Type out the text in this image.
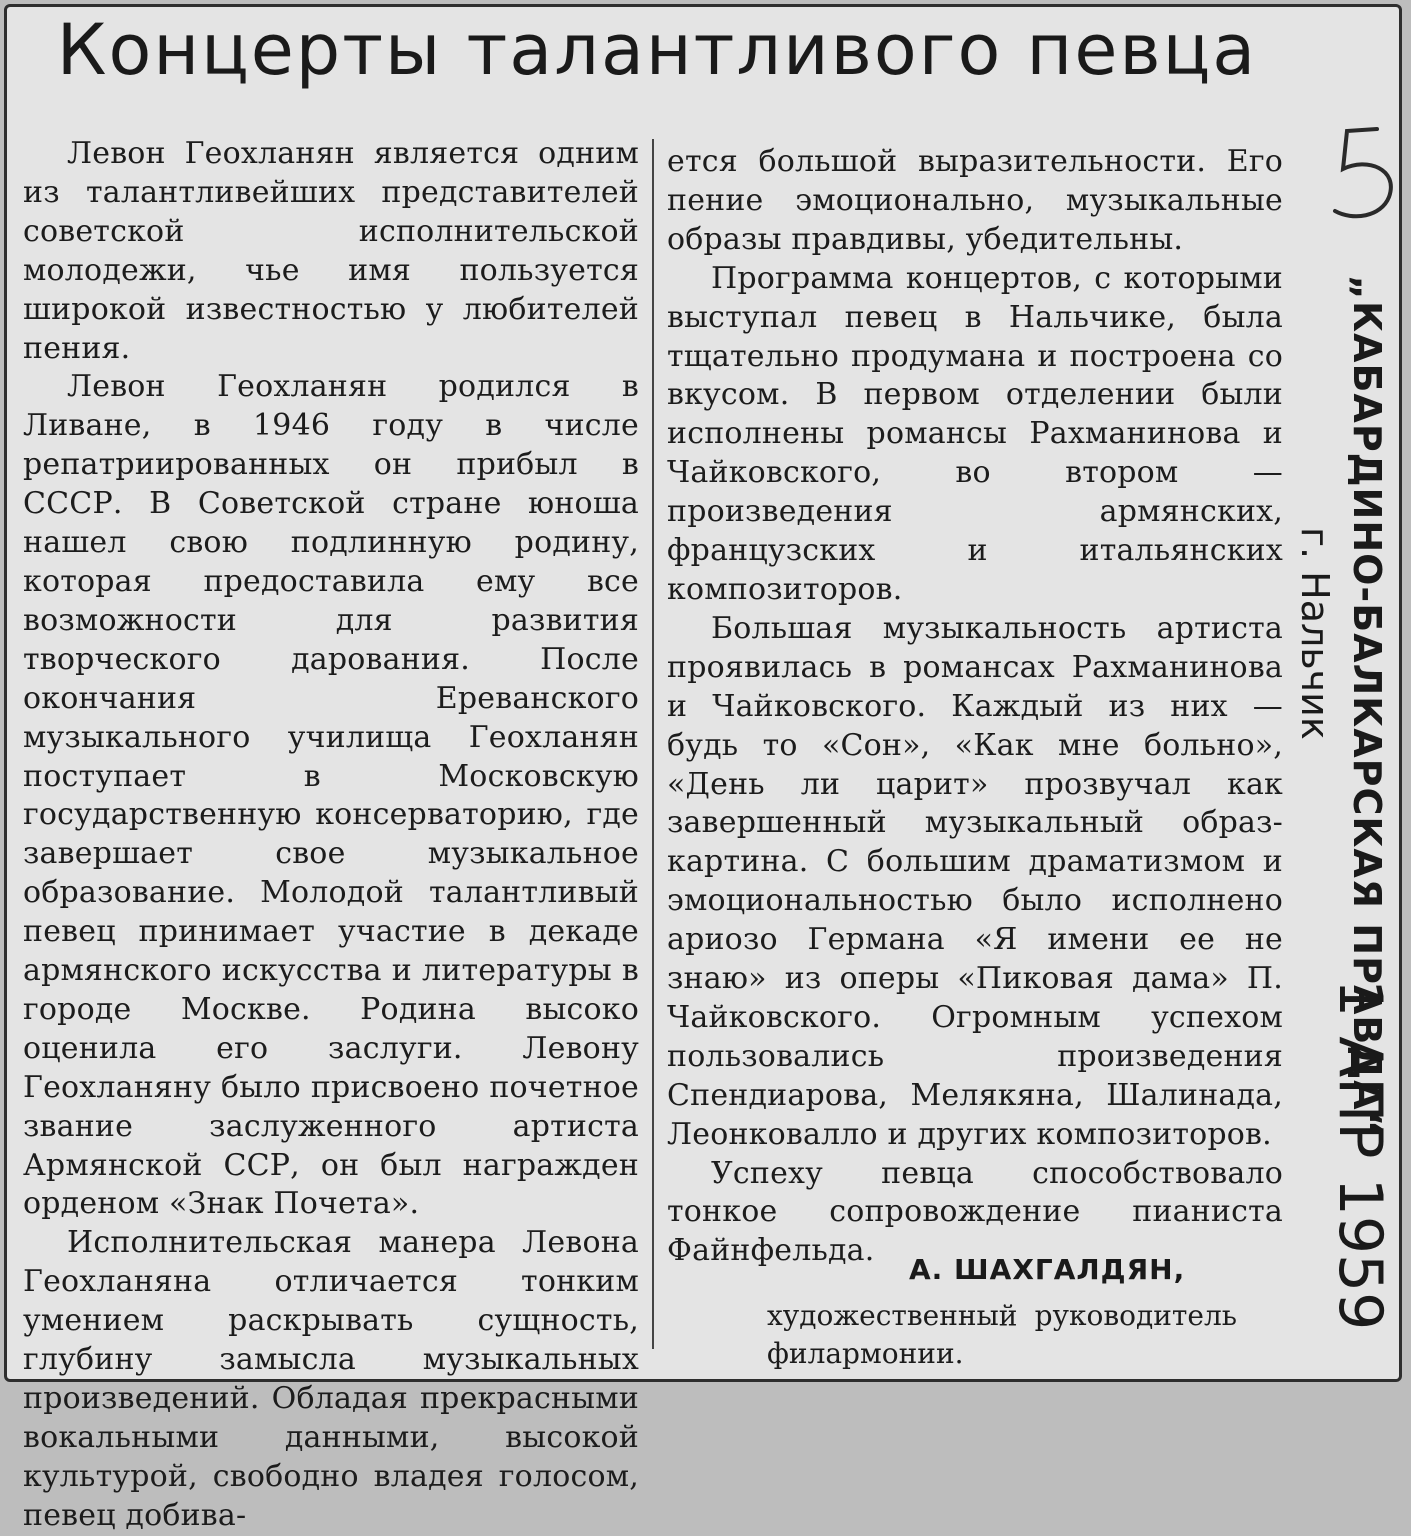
Концерты талантливого певца

Левон Геохланян является одним из талантливейших представителей советской исполнительской молодежи, чье имя пользуется широкой известностью у любителей пения.

Левон Геохланян родился в Ливане, в 1946 году в числе репатриированных он прибыл в СССР. В Советской стране юноша нашел свою подлинную родину, которая предоставила ему все возможности для развития творческого дарования. После окончания Ереванского музыкального училища Геохланян поступает в Московскую государственную консерваторию, где завершает свое музыкальное образование. Молодой талантливый певец принимает участие в декаде армянского искусства и литературы в городе Москве. Родина высоко оценила его заслуги. Левону Геохланяну было присвоено почетное звание заслуженного артиста Армянской ССР, он был награжден орденом «Знак Почета».

Исполнительская манера Левона Геохланяна отличается тонким умением раскрывать сущность, глубину замысла музыкальных произведений. Обладая прекрасными вокальными данными, высокой культурой, свободно владея голосом, певец добива-

ется большой выразительности. Его пение эмоционально, музыкальные образы правдивы, убедительны.

Программа концертов, с которыми выступал певец в Нальчике, была тщательно продумана и построена со вкусом. В первом отделении были исполнены романсы Рахманинова и Чайковского, во втором — произведения армянских, французских и итальянских композиторов.

Большая музыкальность артиста проявилась в романсах Рахманинова и Чайковского. Каждый из них — будь то «Сон», «Как мне больно», «День ли царит» прозвучал как завершенный музыкальный образ-картина. С большим драматизмом и эмоциональностью было исполнено ариозо Германа «Я имени ее не знаю» из оперы «Пиковая дама» П. Чайковского. Огромным успехом пользовались произведения Спендиарова, Мелякяна, Шалинада, Леонковалло и других композиторов.

Успеху певца способствовало тонкое сопровождение пианиста Файнфельда.

А. ШАХГАЛДЯН,
художественный руководитель филармонии.
г. Нальчик „КАБАРДИНО-БАЛКАРСКАЯ ПРАВДА“
1 АПР 1959
